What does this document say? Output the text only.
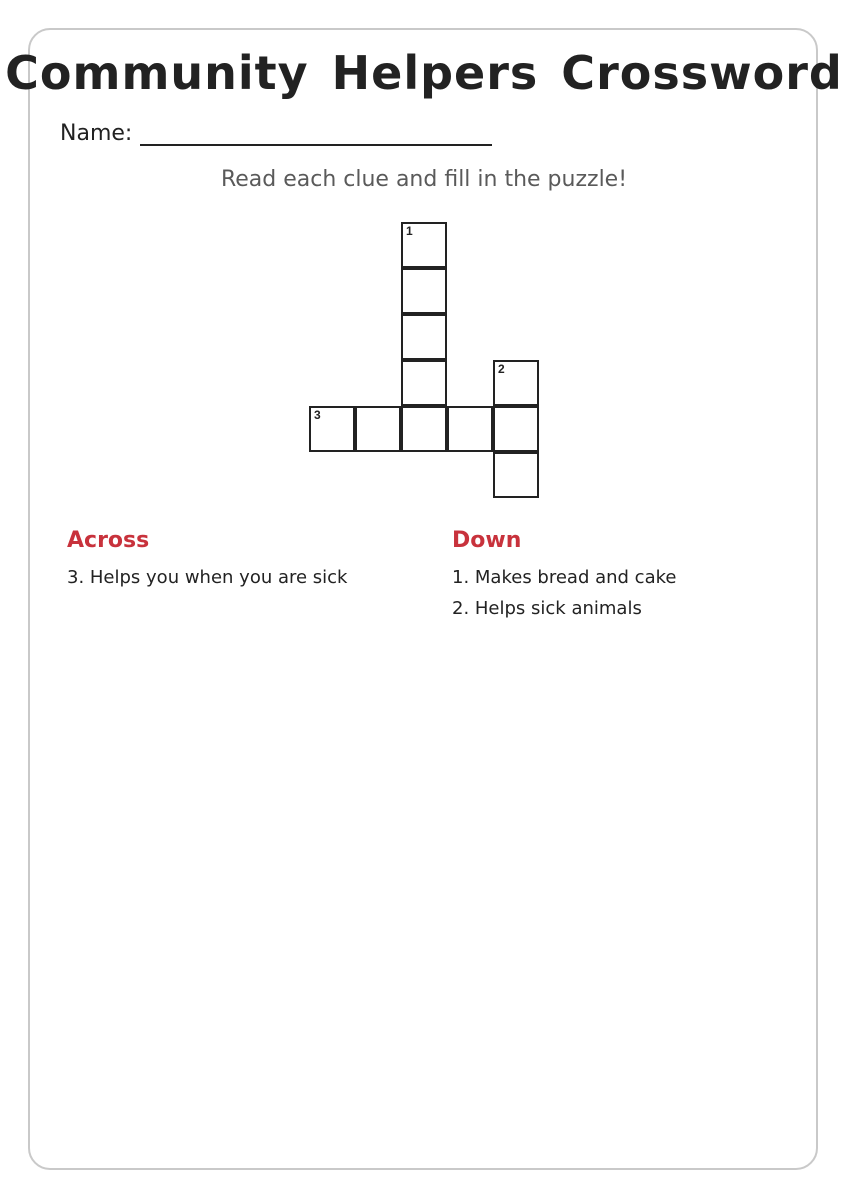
Community Helpers Crossword
Name:
Read each clue and fill in the puzzle!
1
2
3
Across
3. Helps you when you are sick
Down
1. Makes bread and cake
2. Helps sick animals
